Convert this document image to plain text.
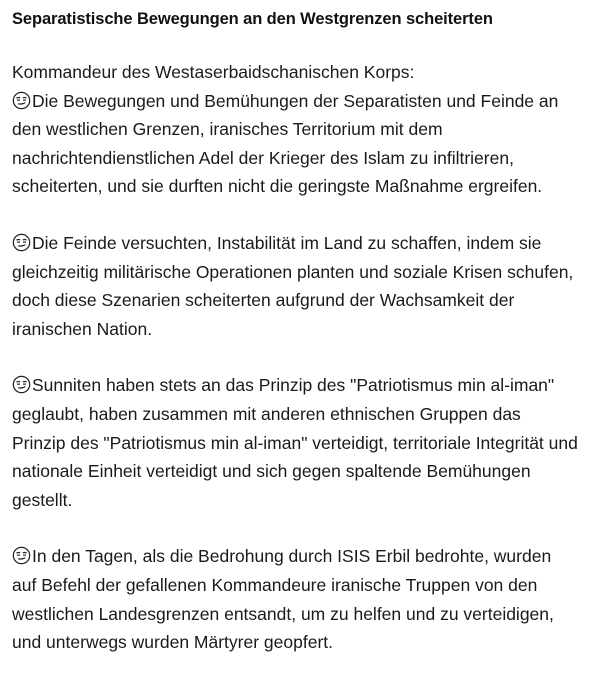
Separatistische Bewegungen an den Westgrenzen scheiterten
Kommandeur des Westaserbaidschanischen Korps:

Die Bewegungen und Bemühungen der Separatisten und Feinde an den westlichen Grenzen, iranisches Territorium mit dem nachrichtendienstlichen Adel der Krieger des Islam zu infiltrieren, scheiterten, und sie durften nicht die geringste Maßnahme ergreifen.

Die Feinde versuchten, Instabilität im Land zu schaffen, indem sie gleichzeitig militärische Operationen planten und soziale Krisen schufen, doch diese Szenarien scheiterten aufgrund der Wachsamkeit der iranischen Nation.

Sunniten haben stets an das Prinzip des "Patriotismus min al-iman" geglaubt, haben zusammen mit anderen ethnischen Gruppen das Prinzip des "Patriotismus min al-iman" verteidigt, territoriale Integrität und nationale Einheit verteidigt und sich gegen spaltende Bemühungen gestellt.

In den Tagen, als die Bedrohung durch ISIS Erbil bedrohte, wurden auf Befehl der gefallenen Kommandeure iranische Truppen von den westlichen Landesgrenzen entsandt, um zu helfen und zu verteidigen, und unterwegs wurden Märtyrer geopfert.
